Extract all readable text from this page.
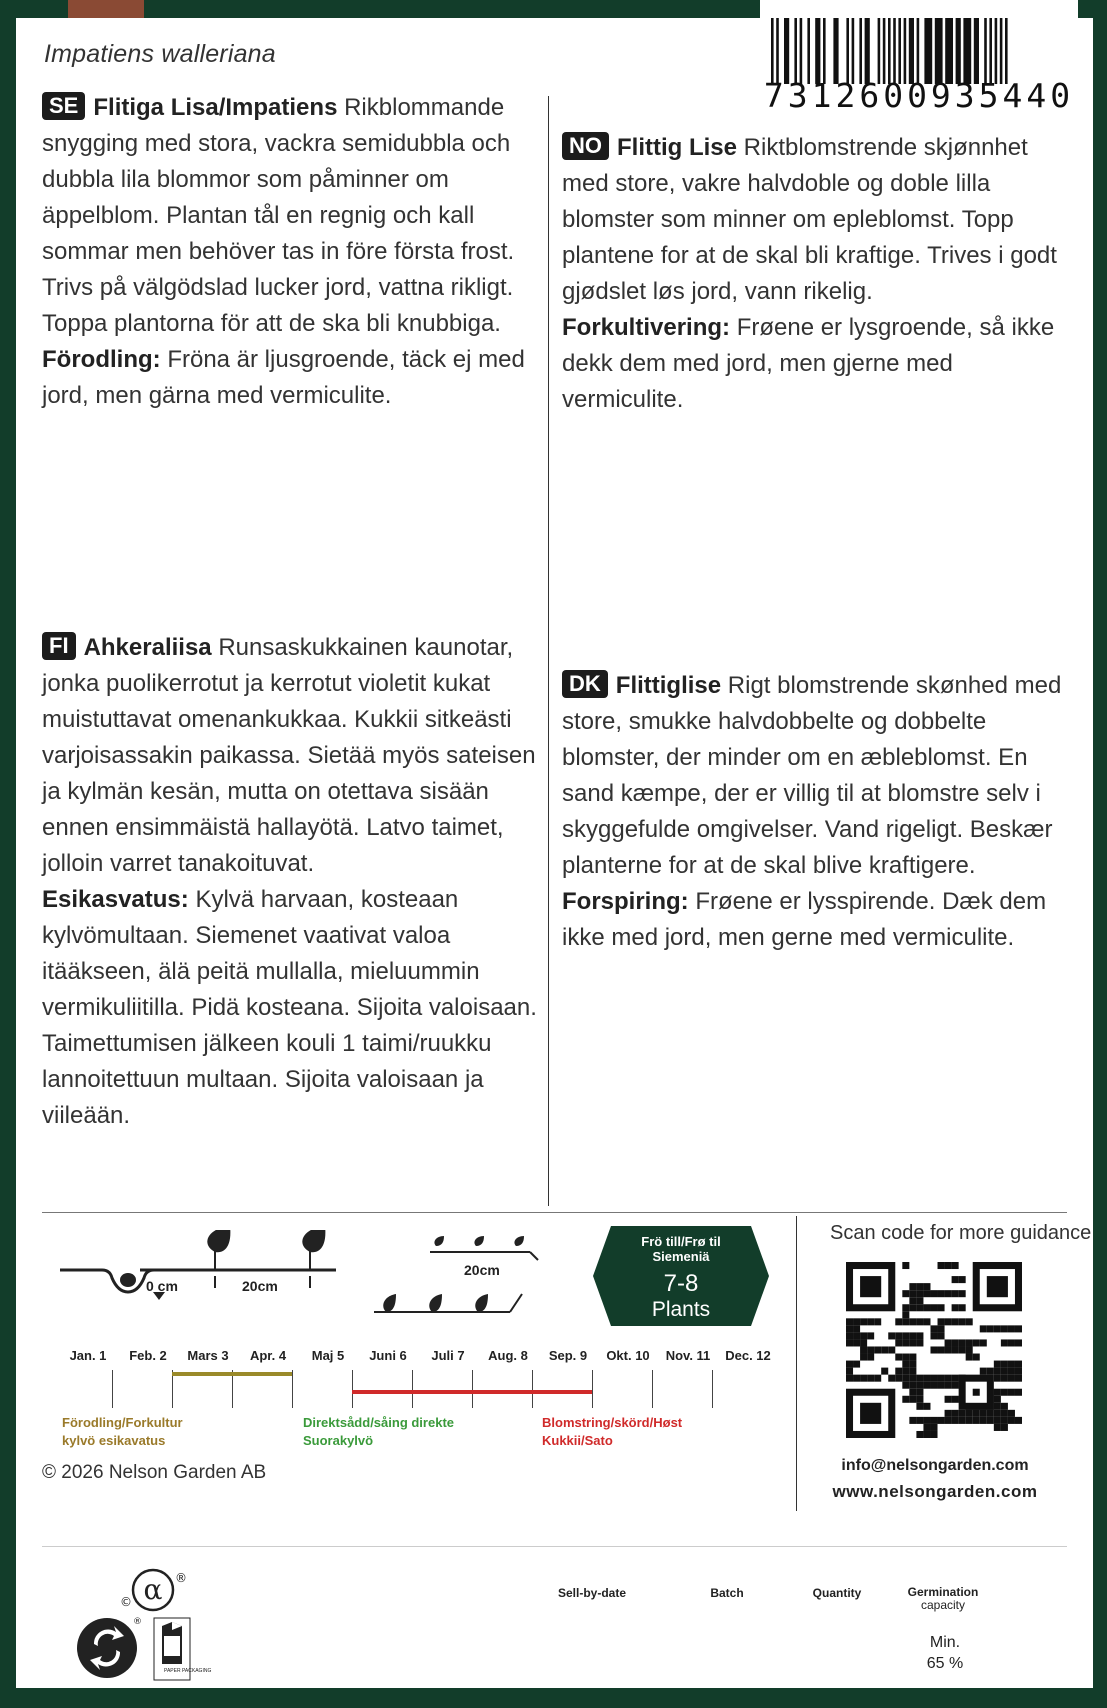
Impatiens walleriana
7312600935440
SE Flitiga Lisa/Impatiens Rikblommande snygging med stora, vackra semidubbla och dubbla lila blommor som påminner om äppelblom. Plantan tål en regnig och kall sommar men behöver tas in före första frost. Trivs på välgödslad lucker jord, vattna rikligt. Toppa plantorna för att de ska bli knubbiga.
Förodling: Fröna är ljusgroende, täck ej med jord, men gärna med vermiculite.
NO Flittig Lise Riktblomstrende skjønnhet med store, vakre halvdoble og doble lilla blomster som minner om epleblomst. Topp plantene for at de skal bli kraftige. Trives i godt gjødslet løs jord, vann rikelig.
Forkultivering: Frøene er lysgroende, så ikke dekk dem med jord, men gjerne med vermiculite.
FI Ahkeraliisa Runsaskukkainen kaunotar, jonka puolikerrotut ja kerrotut violetit kukat muistuttavat omenankukkaa. Kukkii sitkeästi varjoisassakin paikassa. Sietää myös sateisen ja kylmän kesän, mutta on otettava sisään ennen ensimmäistä hallayötä. Latvo taimet, jolloin varret tanakoituvat.
Esikasvatus: Kylvä harvaan, kosteaan kylvömultaan. Siemenet vaativat valoa itääkseen, älä peitä mullalla, mieluummin vermikuliitilla. Pidä kosteana. Sijoita valoisaan. Taimettumisen jälkeen kouli 1 taimi/ruukku lannoitettuun multaan. Sijoita valoisaan ja viileään.
DK Flittiglise Rigt blomstrende skønhed med store, smukke halvdobbelte og dobbelte blomster, der minder om en æbleblomst. En sand kæmpe, der er villig til at blomstre selv i skyggefulde omgivelser. Vand rigeligt. Beskær planterne for at de skal blive kraftigere.
Forspiring: Frøene er lysspirende. Dæk dem ikke med jord, men gerne med vermiculite.
0 cm	20cm
20cm
Frö till/Frø til
Siemeniä
7-8
Plants
Jan. 1	Feb. 2	Mars 3	Apr. 4	Maj 5	Juni 6	Juli 7	Aug. 8	Sep. 9	Okt. 10	Nov. 11	Dec. 12
Förodling/Forkultur
kylvö esikavatus
Direktsådd/såing direkte
Suorakylvö
Blomstring/skörd/Høst
Kukkii/Sato
© 2026 Nelson Garden AB
Scan code for more guidance
info@nelsongarden.com
www.nelsongarden.com
α
©
®
®
PAPER PACKAGING
Sell-by-date	Batch	Quantity	Germination
capacity
Min.
65 %
